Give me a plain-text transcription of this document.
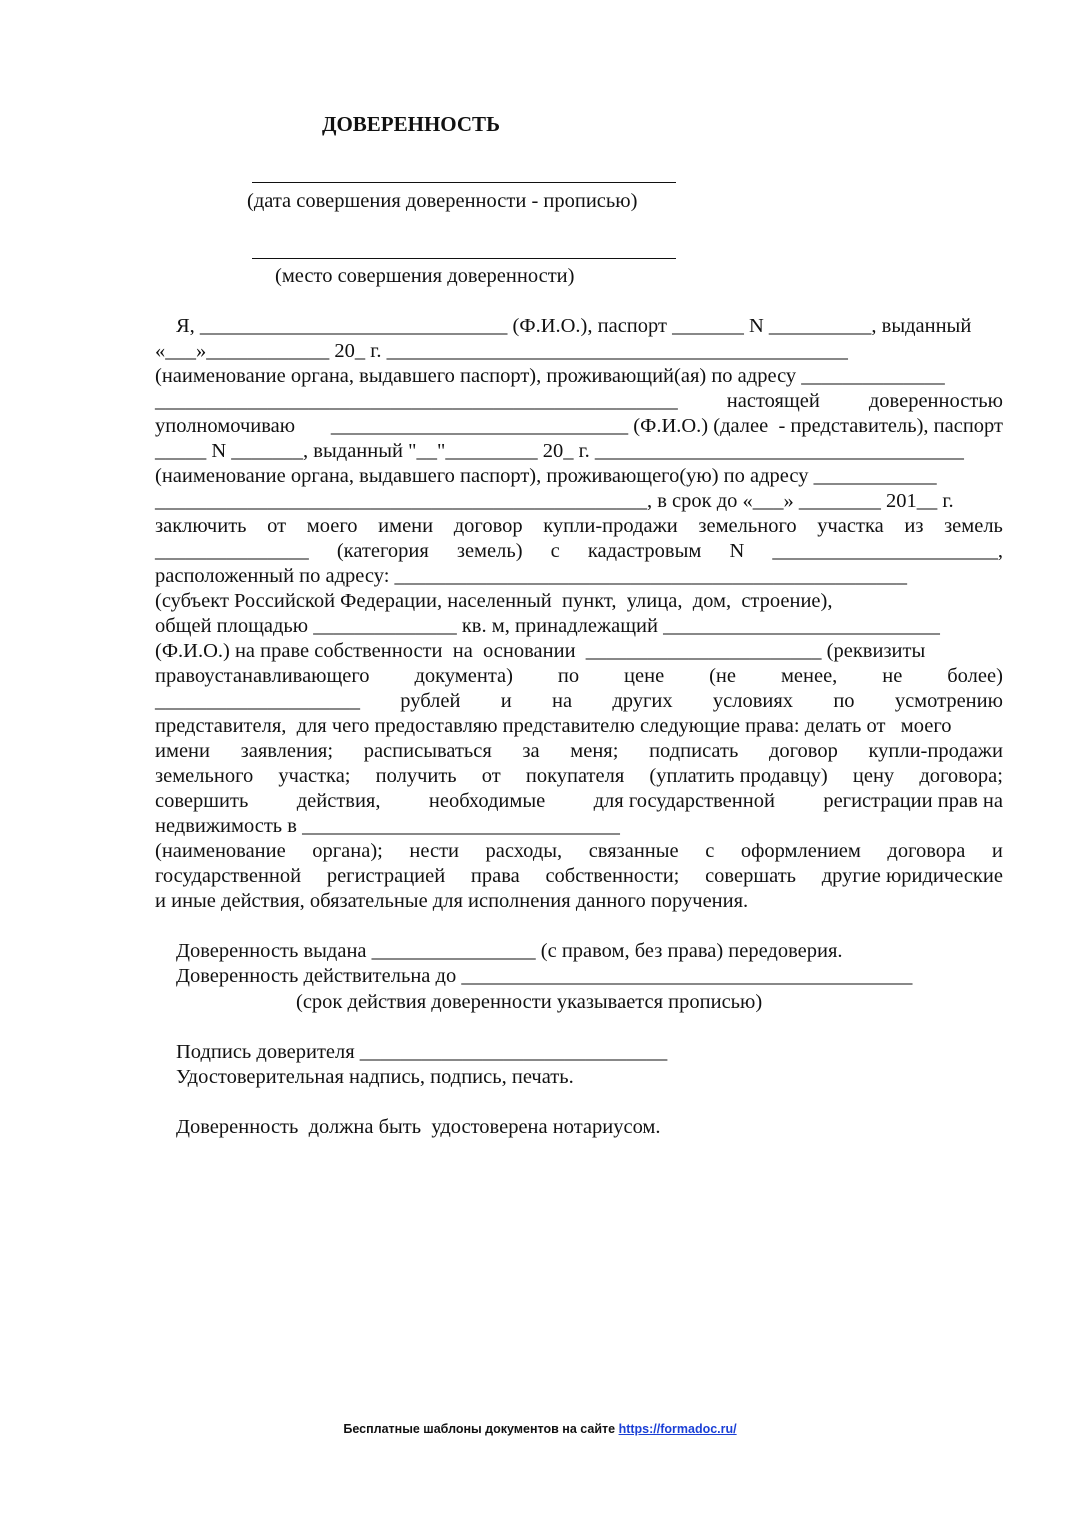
ДОВЕРЕННОСТЬ
(дата совершения доверенности - прописью)
(место совершения доверенности)
Я, ______________________________ (Ф.И.О.), паспорт _______ N __________, выданный
«___»____________ 20_ г. _____________________________________________
(наименование органа, выдавшего паспорт), проживающий(ая) по адресу ______________
___________________________________________________ настоящей доверенностью
уполномочиваю _____________________________ (Ф.И.О.) (далее  - представитель), паспорт
_____ N _______, выданный "__"_________ 20_ г. ____________________________________
(наименование органа, выдавшего паспорт), проживающего(ую) по адресу ____________
________________________________________________, в срок до «___» ________ 201__ г.
заключить от моего имени договор купли-продажи земельного участка из земель
_______________ (категория земель) с кадастровым N ______________________,
расположенный по адресу: __________________________________________________
(субъект Российской Федерации, населенный  пункт,  улица,  дом,  строение),
общей площадью ______________ кв. м, принадлежащий ___________________________
(Ф.И.О.) на праве собственности  на  основании  _______________________ (реквизиты
правоустанавливающего документа) по цене (не менее, не более)
____________________ рублей и на других условиях по усмотрению
представителя,  для чего предоставляю представителю следующие права: делать от   моего
имени заявления; расписываться за меня; подписать договор купли-продажи
земельного участка; получить от покупателя (уплатить продавцу) цену договора;
совершить действия, необходимые для государственной регистрации прав на
недвижимость в _______________________________
(наименование органа); нести расходы, связанные с оформлением договора и
государственной регистрацией права собственности; совершать другие юридические
и иные действия, обязательные для исполнения данного поручения.
Доверенность выдана ________________ (с правом, без права) передоверия.
Доверенность действительна до ____________________________________________
(срок действия доверенности указывается прописью)
Подпись доверителя ______________________________
Удостоверительная надпись, подпись, печать.
Доверенность  должна быть  удостоверена нотариусом.
Бесплатные шаблоны документов на сайте https://formadoc.ru/
